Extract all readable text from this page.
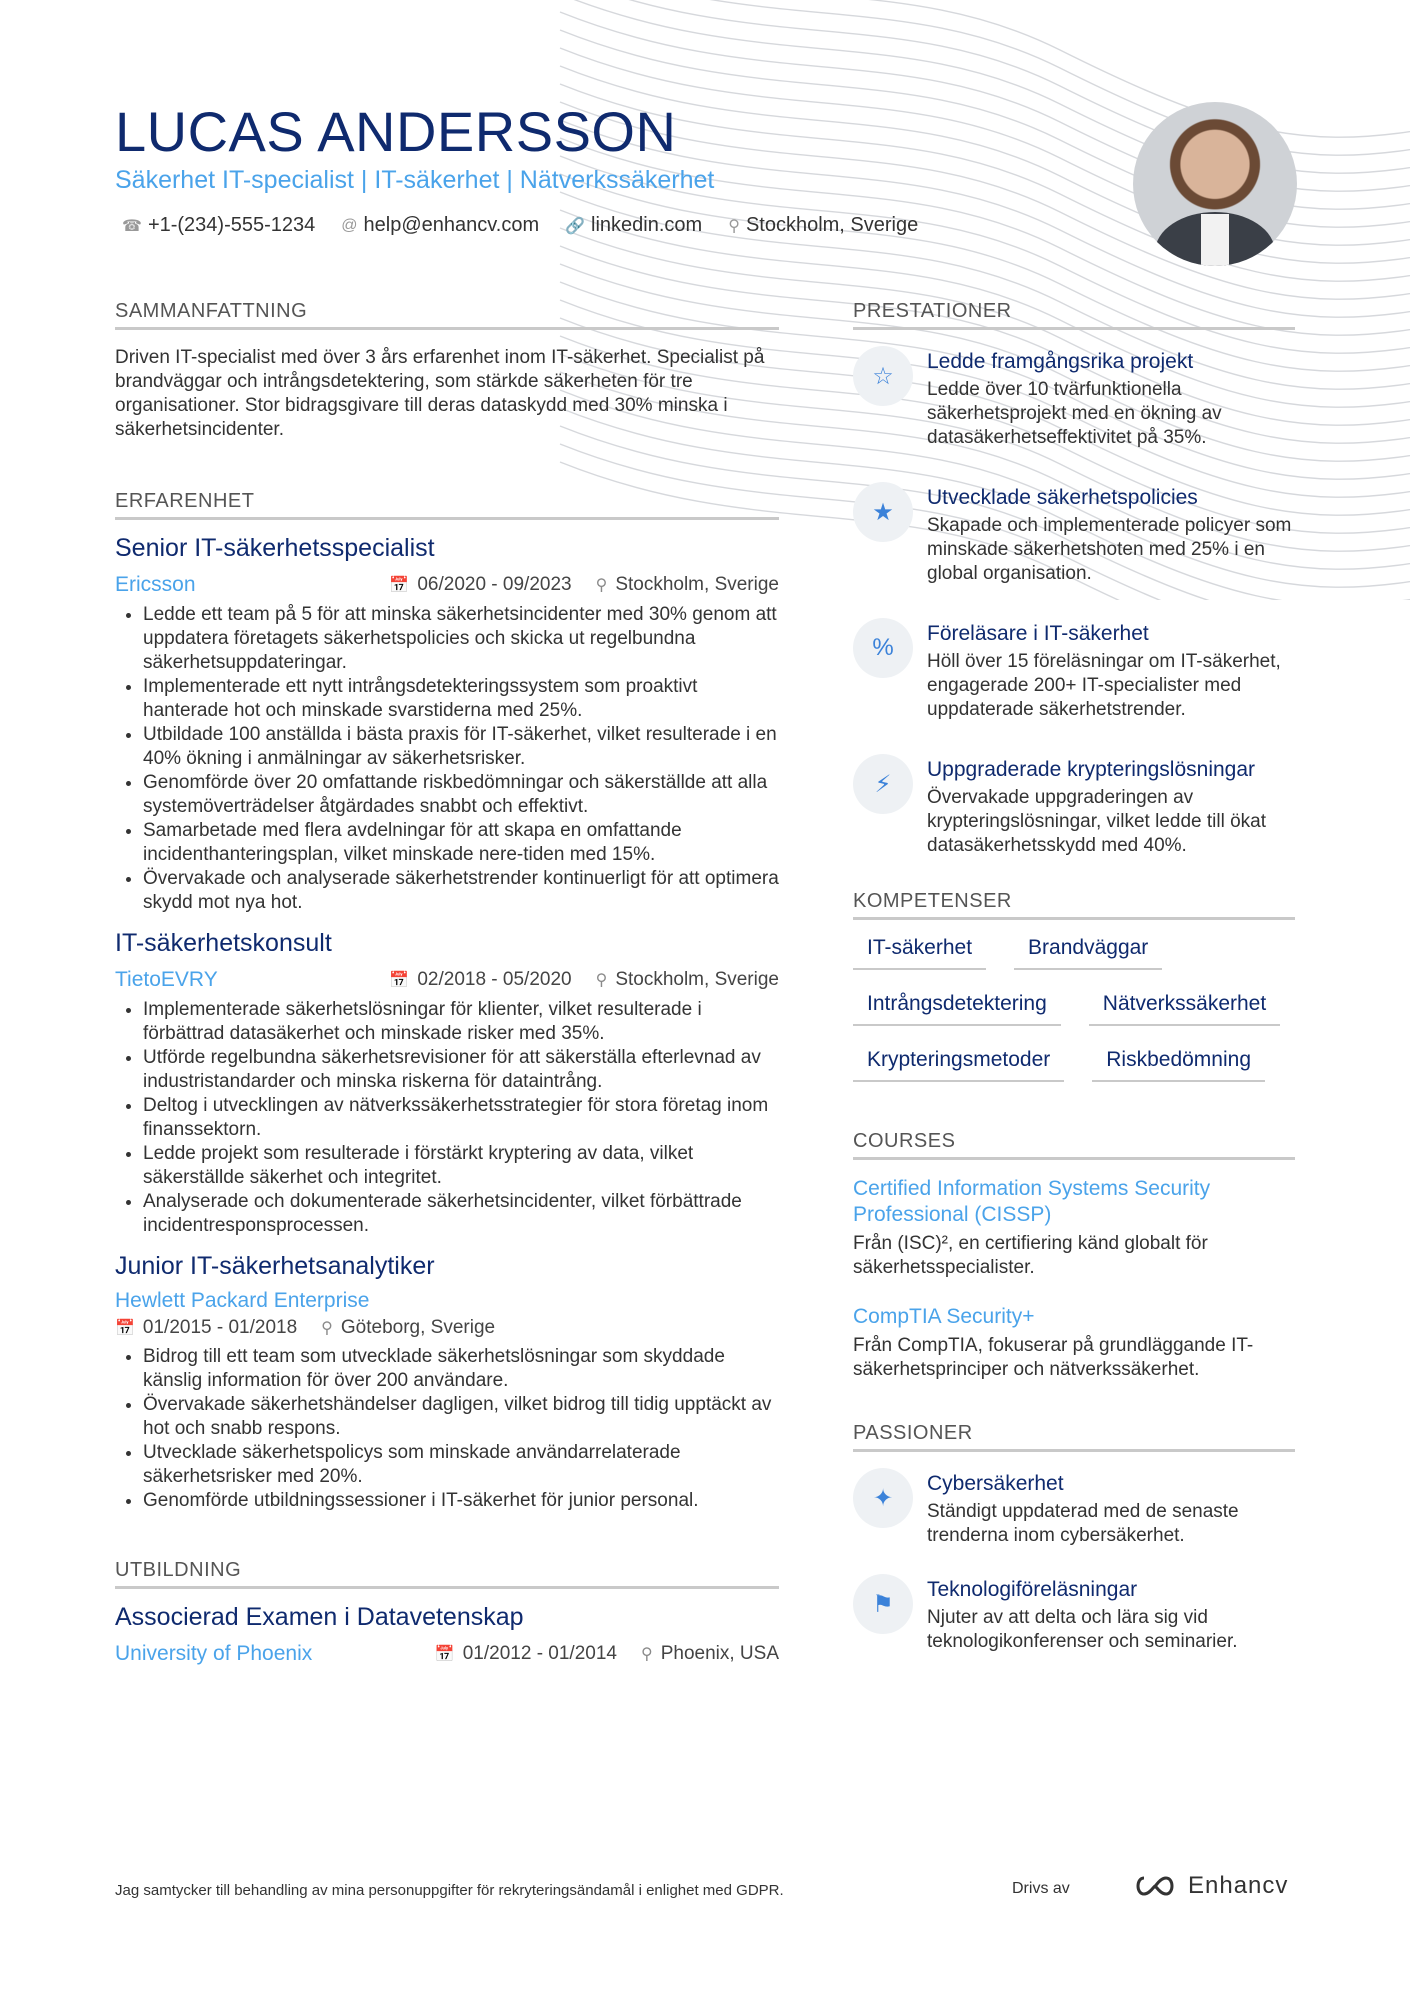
LUCAS ANDERSSON
Säkerhet IT-specialist | IT-säkerhet | Nätverkssäkerhet
☎ +1-(234)-555-1234 @ help@enhancv.com 🔗 linkedin.com ⚲ Stockholm, Sverige
SAMMANFATTNING
Driven IT-specialist med över 3 års erfarenhet inom IT-säkerhet. Specialist på brandväggar och intrångsdetektering, som stärkde säkerheten för tre organisationer. Stor bidragsgivare till deras dataskydd med 30% minska i säkerhetsincidenter.
ERFARENHET
Senior IT-säkerhetsspecialist
Ericsson	📅 06/2020 - 09/2023 ⚲ Stockholm, Sverige
• Ledde ett team på 5 för att minska säkerhetsincidenter med 30% genom att uppdatera företagets säkerhetspolicies och skicka ut regelbundna säkerhetsuppdateringar.
• Implementerade ett nytt intrångsdetekteringssystem som proaktivt hanterade hot och minskade svarstiderna med 25%.
• Utbildade 100 anställda i bästa praxis för IT-säkerhet, vilket resulterade i en 40% ökning i anmälningar av säkerhetsrisker.
• Genomförde över 20 omfattande riskbedömningar och säkerställde att alla systemöverträdelser åtgärdades snabbt och effektivt.
• Samarbetade med flera avdelningar för att skapa en omfattande incidenthanteringsplan, vilket minskade nere-tiden med 15%.
• Övervakade och analyserade säkerhetstrender kontinuerligt för att optimera skydd mot nya hot.
IT-säkerhetskonsult
TietoEVRY	📅 02/2018 - 05/2020 ⚲ Stockholm, Sverige
• Implementerade säkerhetslösningar för klienter, vilket resulterade i förbättrad datasäkerhet och minskade risker med 35%.
• Utförde regelbundna säkerhetsrevisioner för att säkerställa efterlevnad av industristandarder och minska riskerna för dataintrång.
• Deltog i utvecklingen av nätverkssäkerhetsstrategier för stora företag inom finanssektorn.
• Ledde projekt som resulterade i förstärkt kryptering av data, vilket säkerställde säkerhet och integritet.
• Analyserade och dokumenterade säkerhetsincidenter, vilket förbättrade incidentresponsprocessen.
Junior IT-säkerhetsanalytiker
Hewlett Packard Enterprise
📅 01/2015 - 01/2018 ⚲ Göteborg, Sverige
• Bidrog till ett team som utvecklade säkerhetslösningar som skyddade känslig information för över 200 användare.
• Övervakade säkerhetshändelser dagligen, vilket bidrog till tidig upptäckt av hot och snabb respons.
• Utvecklade säkerhetspolicys som minskade användarrelaterade säkerhetsrisker med 20%.
• Genomförde utbildningssessioner i IT-säkerhet för junior personal.
UTBILDNING
Associerad Examen i Datavetenskap
University of Phoenix	📅 01/2012 - 01/2014 ⚲ Phoenix, USA
PRESTATIONER
☆
Ledde framgångsrika projekt
Ledde över 10 tvärfunktionella säkerhetsprojekt med en ökning av datasäkerhetseffektivitet på 35%.
★
Utvecklade säkerhetspolicies
Skapade och implementerade policyer som minskade säkerhetshoten med 25% i en global organisation.
%
Föreläsare i IT-säkerhet
Höll över 15 föreläsningar om IT-säkerhet, engagerade 200+ IT-specialister med uppdaterade säkerhetstrender.
⚡
Uppgraderade krypteringslösningar
Övervakade uppgraderingen av krypteringslösningar, vilket ledde till ökat datasäkerhetsskydd med 40%.
KOMPETENSER
IT-säkerhet	Brandväggar
Intrångsdetektering	Nätverkssäkerhet
Krypteringsmetoder	Riskbedömning
COURSES
Certified Information Systems Security Professional (CISSP)
Från (ISC)², en certifiering känd globalt för säkerhetsspecialister.
CompTIA Security+
Från CompTIA, fokuserar på grundläggande IT-säkerhetsprinciper och nätverkssäkerhet.
PASSIONER
✦
Cybersäkerhet
Ständigt uppdaterad med de senaste trenderna inom cybersäkerhet.
⚑
Teknologiföreläsningar
Njuter av att delta och lära sig vid teknologikonferenser och seminarier.
Jag samtycker till behandling av mina personuppgifter för rekryteringsändamål i enlighet med GDPR.	Drivs av	Enhancv
